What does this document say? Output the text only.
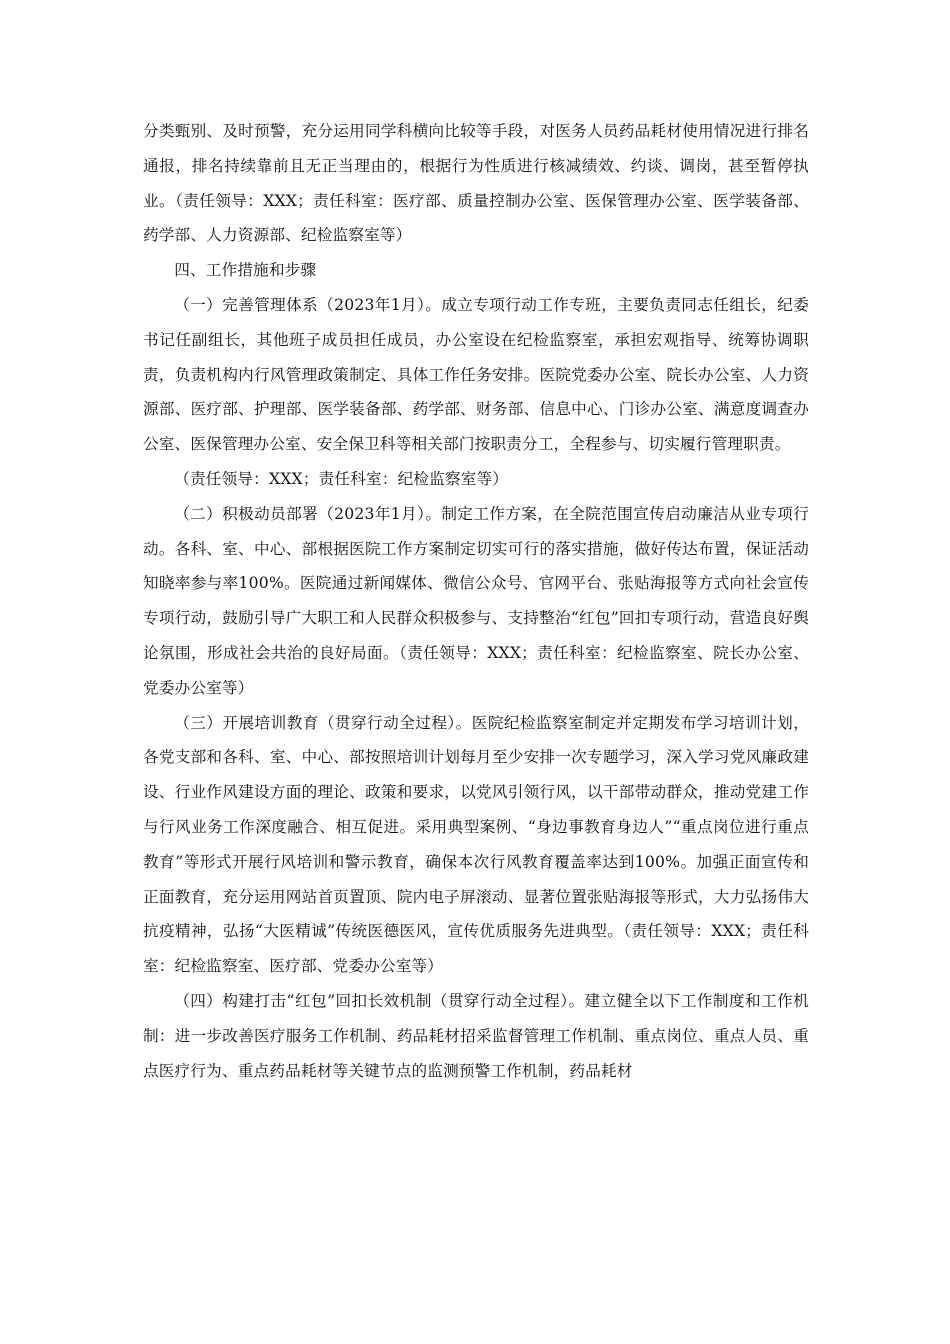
分类甄别、及时预警，充分运用同学科横向比较等手段，对医务人员药品耗材使用情况进行排名通报，排名持续靠前且无正当理由的，根据行为性质进行核减绩效、约谈、调岗，甚至暂停执业。（责任领导：XXX；责任科室：医疗部、质量控制办公室、医保管理办公室、医学装备部、药学部、人力资源部、纪检监察室等）

四、工作措施和步骤

（一）完善管理体系（2023年1月）。成立专项行动工作专班，主要负责同志任组长，纪委书记任副组长，其他班子成员担任成员，办公室设在纪检监察室，承担宏观指导、统筹协调职责，负责机构内行风管理政策制定、具体工作任务安排。医院党委办公室、院长办公室、人力资源部、医疗部、护理部、医学装备部、药学部、财务部、信息中心、门诊办公室、满意度调查办公室、医保管理办公室、安全保卫科等相关部门按职责分工，全程参与、切实履行管理职责。

（责任领导：XXX；责任科室：纪检监察室等）

（二）积极动员部署（2023年1月）。制定工作方案，在全院范围宣传启动廉洁从业专项行动。各科、室、中心、部根据医院工作方案制定切实可行的落实措施，做好传达布置，保证活动知晓率参与率100%。医院通过新闻媒体、微信公众号、官网平台、张贴海报等方式向社会宣传专项行动，鼓励引导广大职工和人民群众积极参与、支持整治“红包”回扣专项行动，营造良好舆论氛围，形成社会共治的良好局面。（责任领导：XXX；责任科室：纪检监察室、院长办公室、党委办公室等）

（三）开展培训教育（贯穿行动全过程）。医院纪检监察室制定并定期发布学习培训计划，各党支部和各科、室、中心、部按照培训计划每月至少安排一次专题学习，深入学习党风廉政建设、行业作风建设方面的理论、政策和要求，以党风引领行风，以干部带动群众，推动党建工作与行风业务工作深度融合、相互促进。采用典型案例、“身边事教育身边人”“重点岗位进行重点教育”等形式开展行风培训和警示教育，确保本次行风教育覆盖率达到100%。加强正面宣传和正面教育，充分运用网站首页置顶、院内电子屏滚动、显著位置张贴海报等形式，大力弘扬伟大抗疫精神，弘扬“大医精诚”传统医德医风，宣传优质服务先进典型。（责任领导：XXX；责任科室：纪检监察室、医疗部、党委办公室等）

（四）构建打击“红包”回扣长效机制（贯穿行动全过程）。建立健全以下工作制度和工作机制：进一步改善医疗服务工作机制、药品耗材招采监督管理工作机制、重点岗位、重点人员、重点医疗行为、重点药品耗材等关键节点的监测预警工作机制，药品耗材
